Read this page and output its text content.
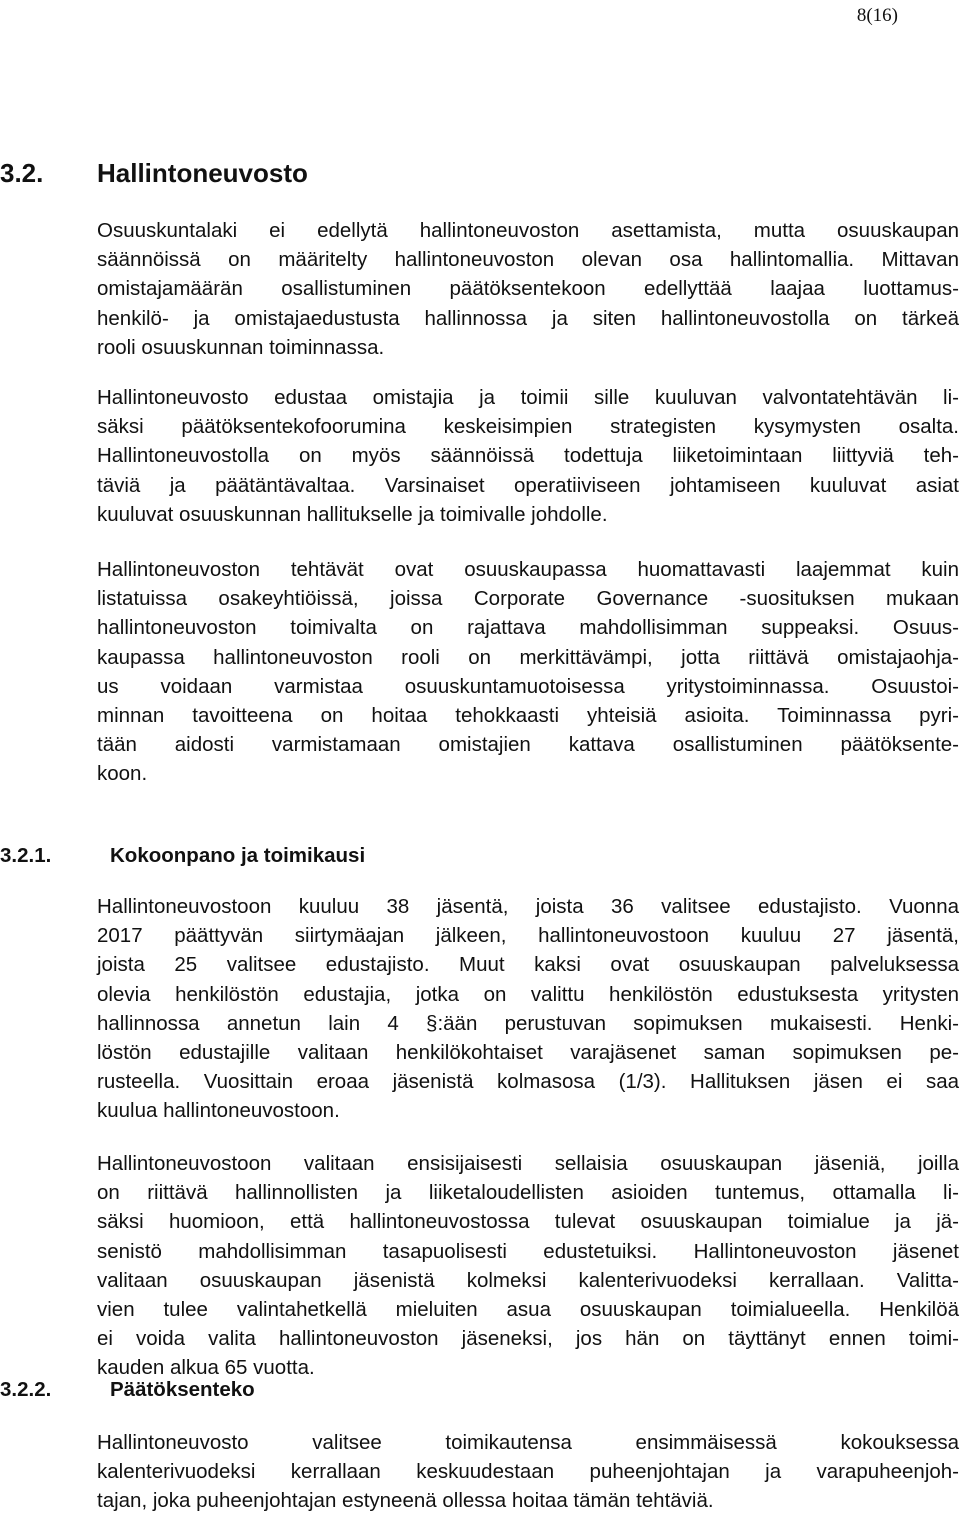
8(16)
3.2. Hallintoneuvosto
Osuuskuntalaki ei edellytä hallintoneuvoston asettamista, mutta osuuskaupan
säännöissä on määritelty hallintoneuvoston olevan osa hallintomallia. Mittavan
omistajamäärän osallistuminen päätöksentekoon edellyttää laajaa luottamus-
henkilö- ja omistajaedustusta hallinnossa ja siten hallintoneuvostolla on tärkeä
rooli osuuskunnan toiminnassa.
Hallintoneuvosto edustaa omistajia ja toimii sille kuuluvan valvontatehtävän li-
säksi päätöksentekofoorumina keskeisimpien strategisten kysymysten osalta.
Hallintoneuvostolla on myös säännöissä todettuja liiketoimintaan liittyviä teh-
täviä ja päätäntävaltaa. Varsinaiset operatiiviseen johtamiseen kuuluvat asiat
kuuluvat osuuskunnan hallitukselle ja toimivalle johdolle.
Hallintoneuvoston tehtävät ovat osuuskaupassa huomattavasti laajemmat kuin
listatuissa osakeyhtiöissä, joissa Corporate Governance -suosituksen mukaan
hallintoneuvoston toimivalta on rajattava mahdollisimman suppeaksi. Osuus-
kaupassa hallintoneuvoston rooli on merkittävämpi, jotta riittävä omistajaohja-
us voidaan varmistaa osuuskuntamuotoisessa yritystoiminnassa. Osuustoi-
minnan tavoitteena on hoitaa tehokkaasti yhteisiä asioita. Toiminnassa pyri-
tään aidosti varmistamaan omistajien kattava osallistuminen päätöksente-
koon.
3.2.1.	Kokoonpano ja toimikausi
Hallintoneuvostoon kuuluu 38 jäsentä, joista 36 valitsee edustajisto. Vuonna
2017 päättyvän siirtymäajan jälkeen, hallintoneuvostoon kuuluu 27 jäsentä,
joista 25 valitsee edustajisto. Muut kaksi ovat osuuskaupan palveluksessa
olevia henkilöstön edustajia, jotka on valittu henkilöstön edustuksesta yritysten
hallinnossa annetun lain 4 §:ään perustuvan sopimuksen mukaisesti. Henki-
löstön edustajille valitaan henkilökohtaiset varajäsenet saman sopimuksen pe-
rusteella. Vuosittain eroaa jäsenistä kolmasosa (1/3). Hallituksen jäsen ei saa
kuulua hallintoneuvostoon.
Hallintoneuvostoon valitaan ensisijaisesti sellaisia osuuskaupan jäseniä, joilla
on riittävä hallinnollisten ja liiketaloudellisten asioiden tuntemus, ottamalla li-
säksi huomioon, että hallintoneuvostossa tulevat osuuskaupan toimialue ja jä-
senistö mahdollisimman tasapuolisesti edustetuiksi. Hallintoneuvoston jäsenet
valitaan osuuskaupan jäsenistä kolmeksi kalenterivuodeksi kerrallaan. Valitta-
vien tulee valintahetkellä mieluiten asua osuuskaupan toimialueella. Henkilöä
ei voida valita hallintoneuvoston jäseneksi, jos hän on täyttänyt ennen toimi-
kauden alkua 65 vuotta.
3.2.2.	Päätöksenteko
Hallintoneuvosto valitsee toimikautensa ensimmäisessä kokouksessa
kalenterivuodeksi kerrallaan keskuudestaan puheenjohtajan ja varapuheenjoh-
tajan, joka puheenjohtajan estyneenä ollessa hoitaa tämän tehtäviä.
